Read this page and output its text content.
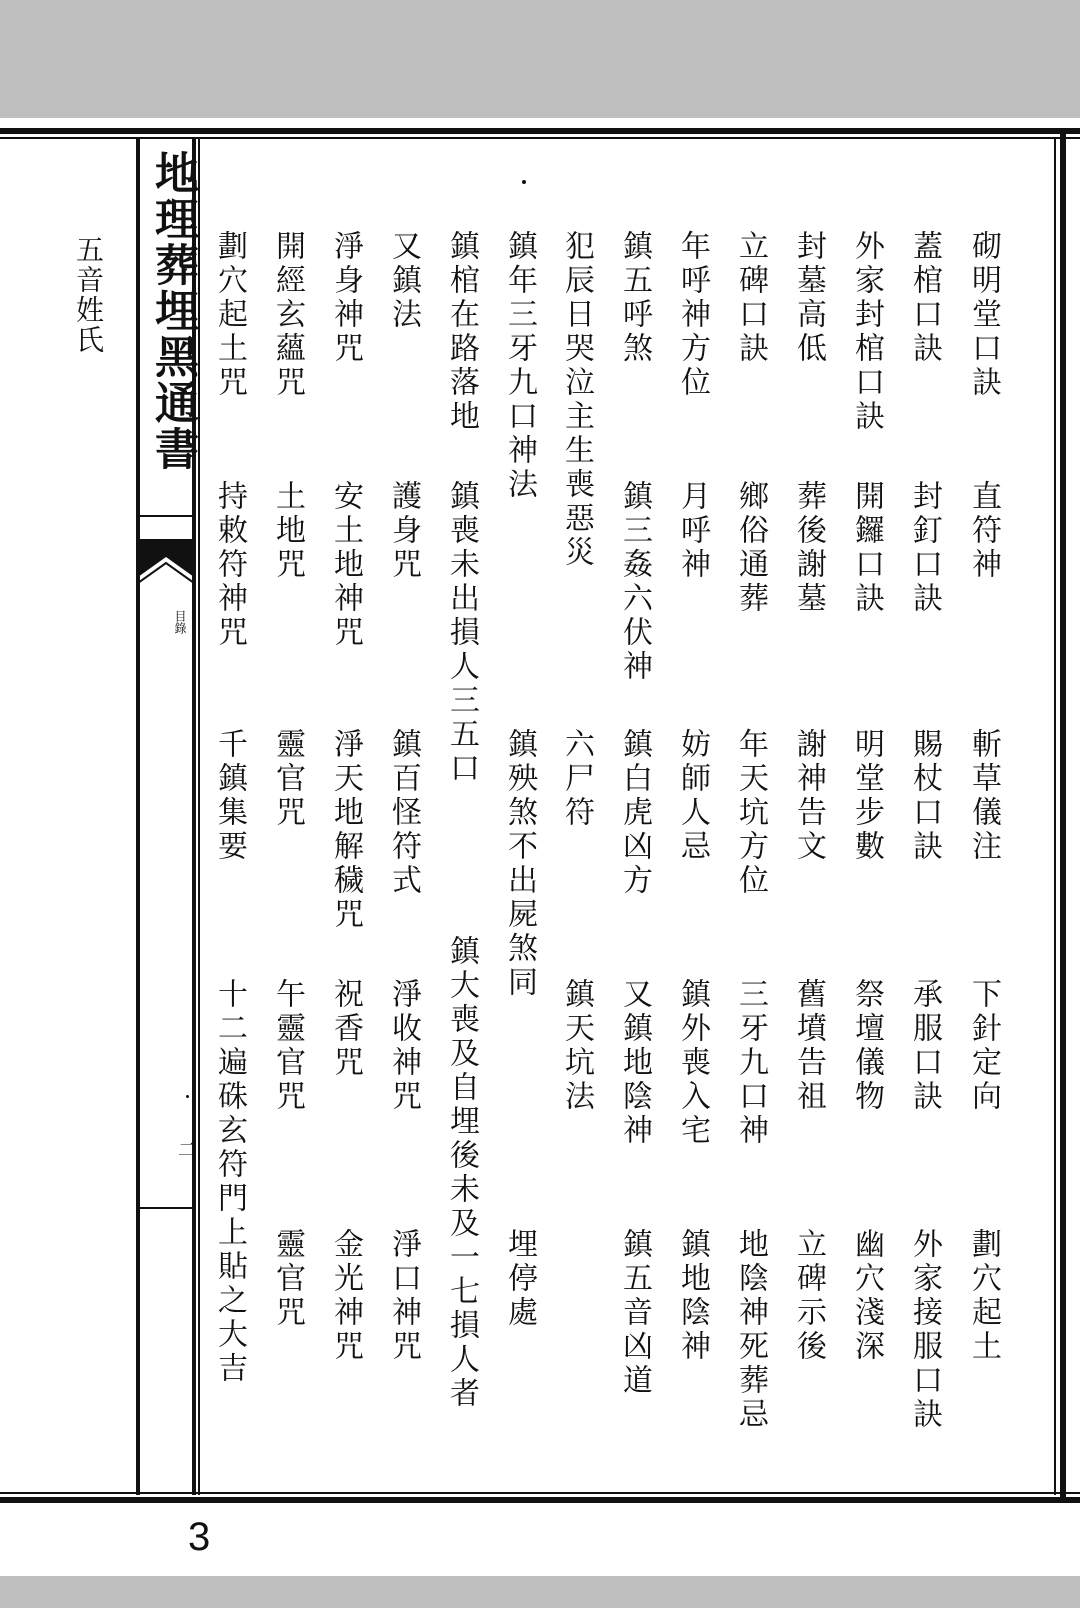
地理葬埋黑通書
目錄
二
五音姓氏	砌明堂口訣
直符神
斬草儀注
下針定向
劃穴起土
蓋棺口訣
封釘口訣
賜杖口訣
承服口訣
外家接服口訣
外家封棺口訣
開鑼口訣
明堂步數
祭壇儀物
幽穴淺深
封墓高低
葬後謝墓
謝神告文
舊墳告祖
立碑示後
立碑口訣
鄉俗通葬
年天坑方位
三牙九口神
地陰神死葬忌
年呼神方位
月呼神
妨師人忌
鎮外喪入宅
鎮地陰神
鎮五呼煞
鎮三姦六伏神
鎮白虎凶方
又鎮地陰神
鎮五音凶道
犯辰日哭泣主生喪惡災
六尸符
鎮天坑法
鎮年三牙九口神法
鎮殃煞不出屍煞同
埋停處
鎮棺在路落地
鎮喪未出損人三五口
鎮大喪及自埋後未及一七損人者
又鎮法
護身咒
鎮百怪符式
淨收神咒
淨口神咒
淨身神咒
安土地神咒
淨天地解穢咒
祝香咒
金光神咒
開經玄蘊咒
土地咒
靈官咒
午靈官咒
靈官咒
劃穴起土咒
持敕符神咒
千鎮集要
十二遍硃玄符門上貼之大吉
3
